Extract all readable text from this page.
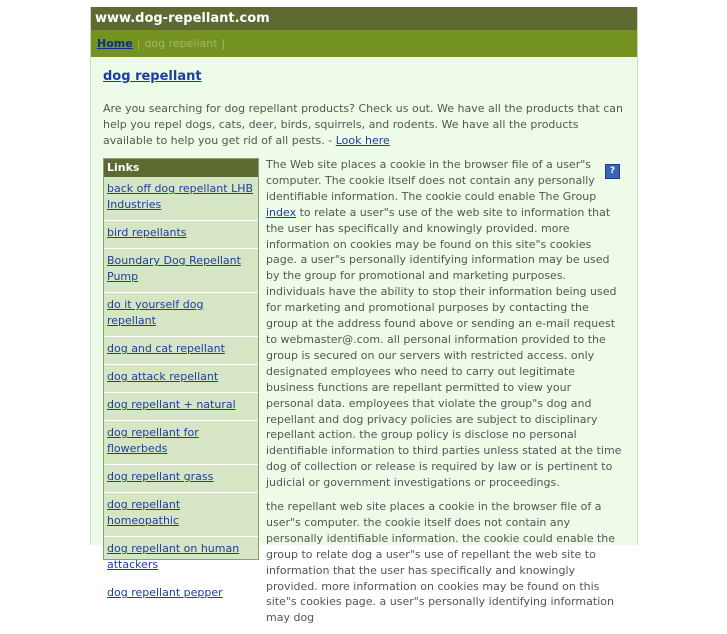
www.dog-repellant.com
Home | dog repellant |
dog repellant
Are you searching for dog repellant products? Check us out. We have all the products that can help you repel dogs, cats, deer, birds, squirrels, and rodents. We have all the products available to help you get rid of all pests. - Look here
Links
back off dog repellant LHB Industries
bird repellants
Boundary Dog Repellant Pump
do it yourself dog repellant
dog and cat repellant
dog attack repellant
dog repellant + natural
dog repellant for flowerbeds
dog repellant grass
dog repellant homeopathic
dog repellant on human attackers
dog repellant pepper
?

The Web site places a cookie in the browser file of a user"s computer. The cookie itself does not contain any personally identifiable information. The cookie could enable The Group index to relate a user"s use of the web site to information that the user has specifically and knowingly provided. more information on cookies may be found on this site"s cookies page. a user"s personally identifying information may be used by the group for promotional and marketing purposes. individuals have the ability to stop their information being used for marketing and promotional purposes by contacting the group at the address found above or sending an e-mail request to webmaster@.com. all personal information provided to the group is secured on our servers with restricted access. only designated employees who need to carry out legitimate business functions are repellant permitted to view your personal data. employees that violate the group"s dog and repellant and dog privacy policies are subject to disciplinary repellant action. the group policy is disclose no personal identifiable information to third parties unless stated at the time dog of collection or release is required by law or is pertinent to judicial or government investigations or proceedings.

the repellant web site places a cookie in the browser file of a user"s computer. the cookie itself does not contain any personally identifiable information. the cookie could enable the group to relate dog a user"s use of repellant the web site to information that the user has specifically and knowingly provided. more information on cookies may be found on this site"s cookies page. a user"s personally identifying information may dog
